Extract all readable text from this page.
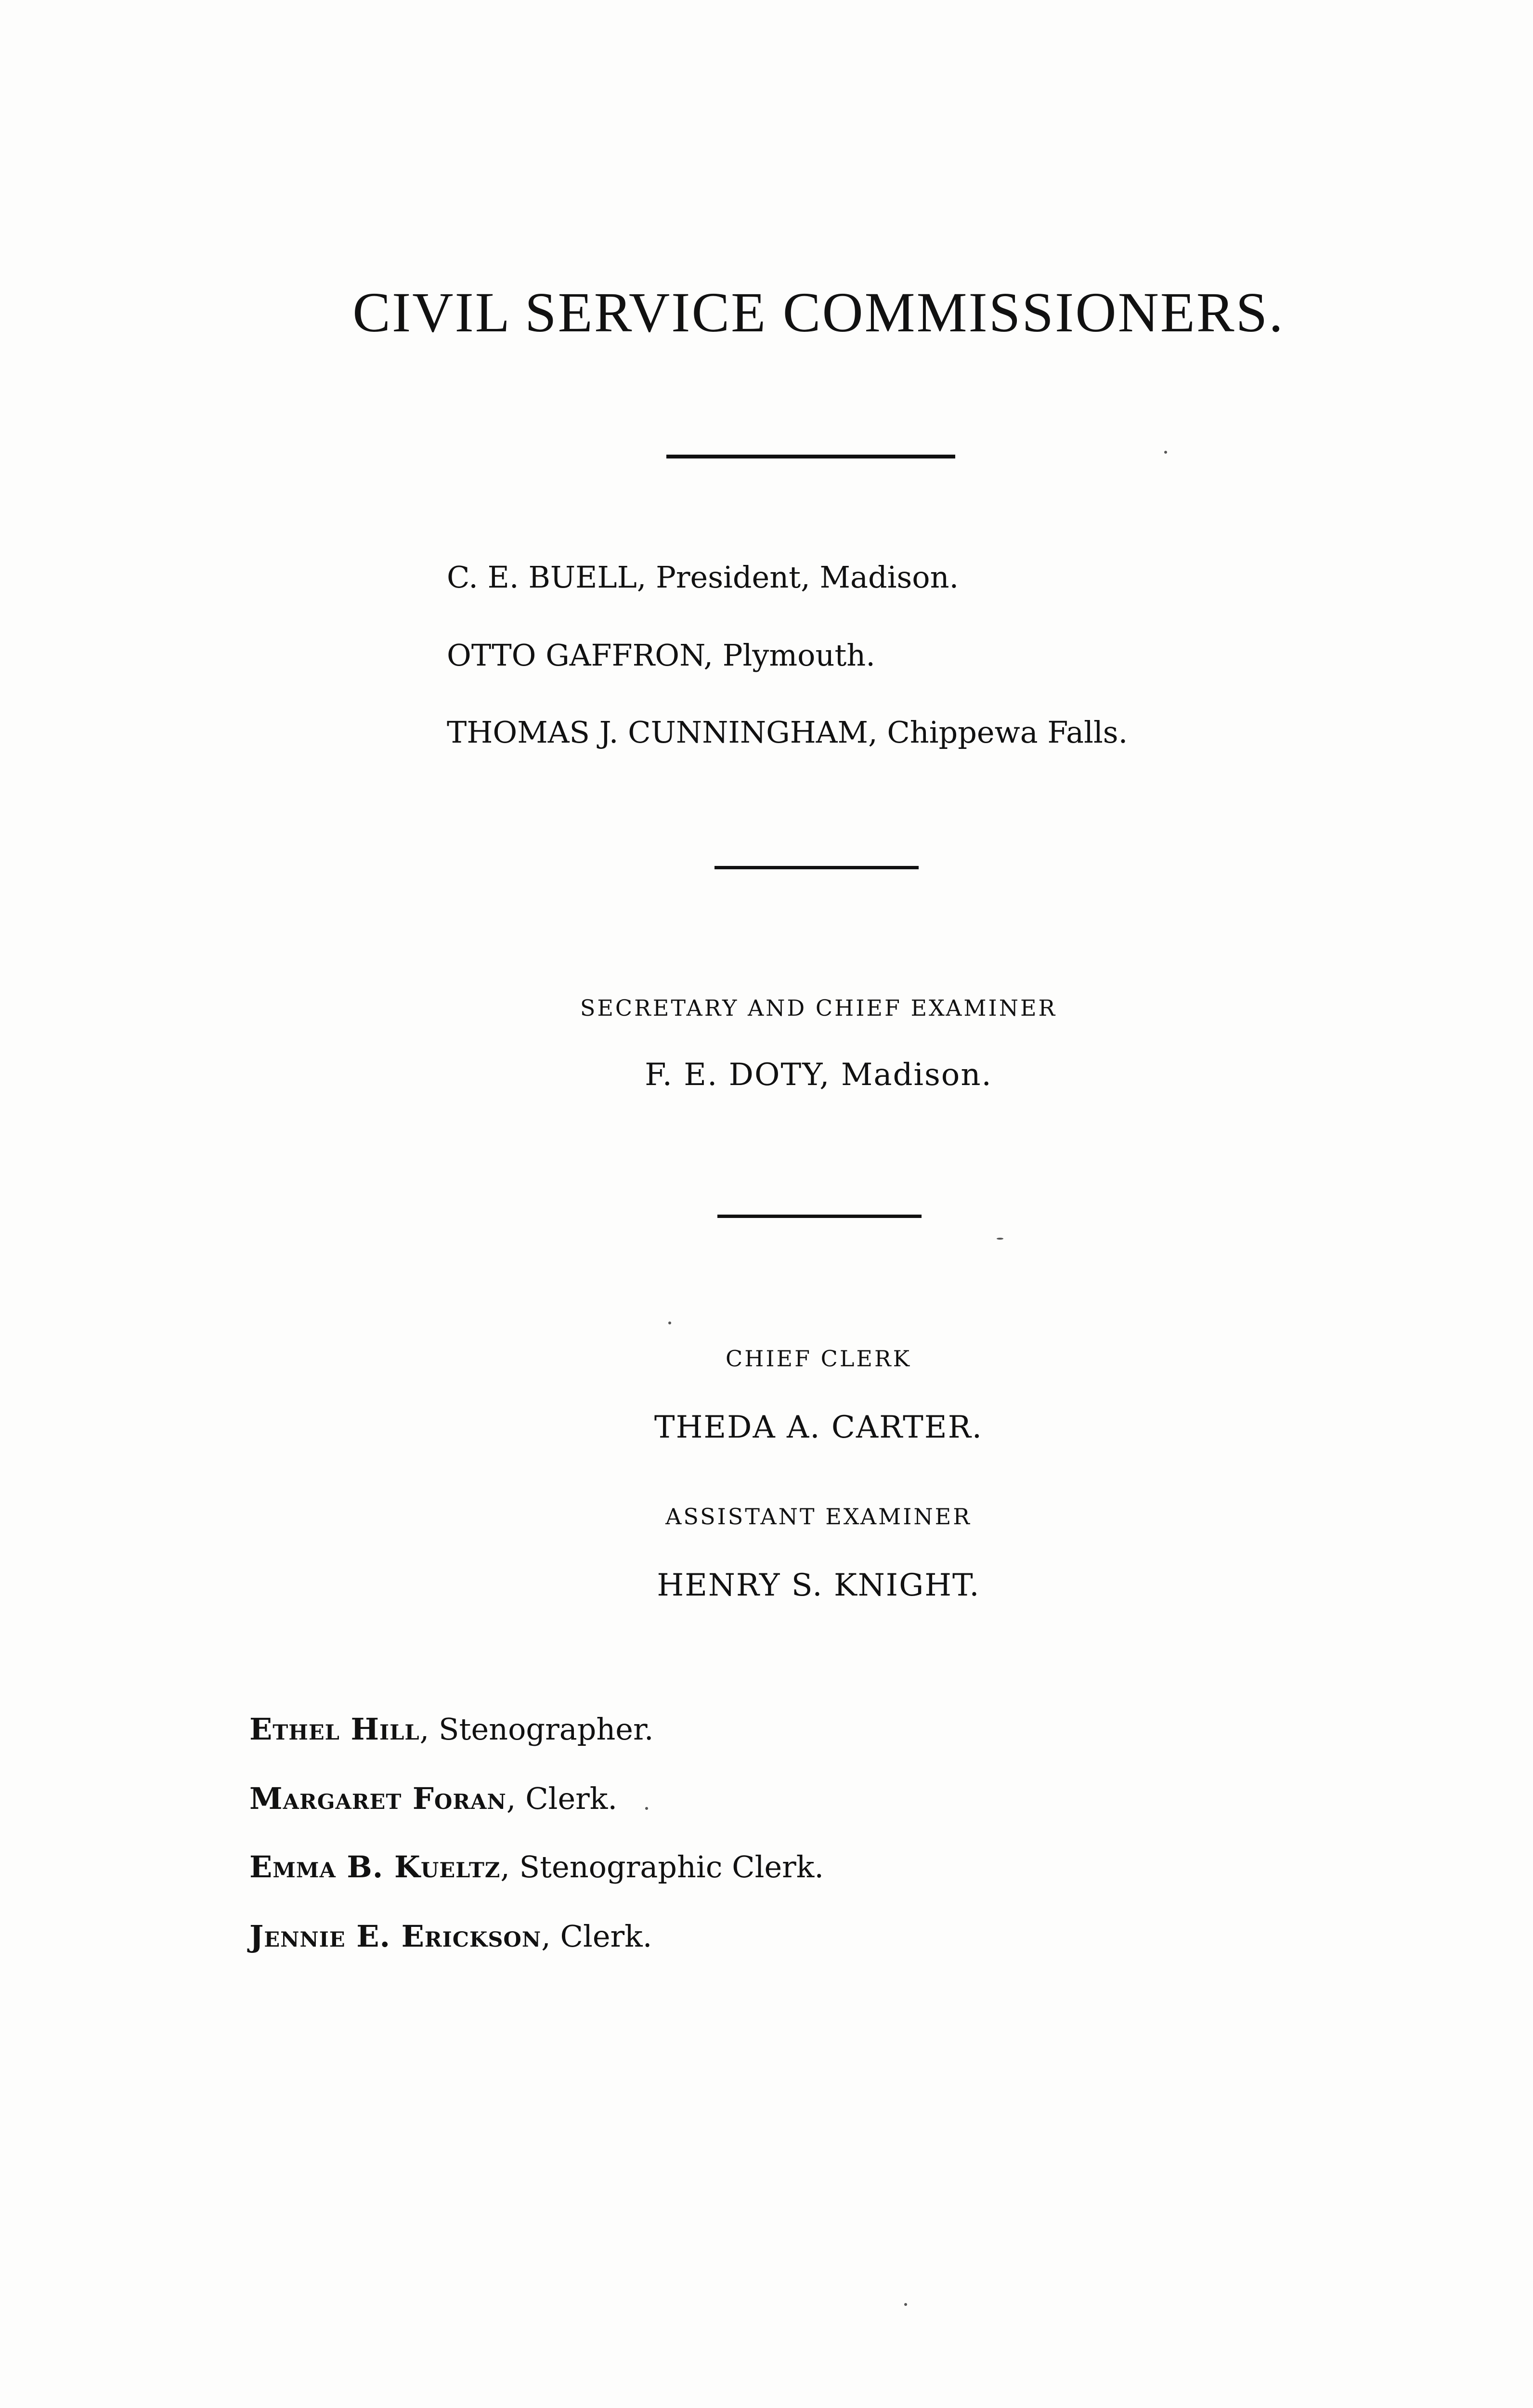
CIVIL SERVICE COMMISSIONERS.
C. E. BUELL, President, Madison.
OTTO GAFFRON, Plymouth.
THOMAS J. CUNNINGHAM, Chippewa Falls.
SECRETARY AND CHIEF EXAMINER
F. E. DOTY, Madison.
CHIEF CLERK
THEDA A. CARTER.
ASSISTANT EXAMINER
HENRY S. KNIGHT.
Ethel Hill, Stenographer.
Margaret Foran, Clerk.
Emma B. Kueltz, Stenographic Clerk.
Jennie E. Erickson, Clerk.
